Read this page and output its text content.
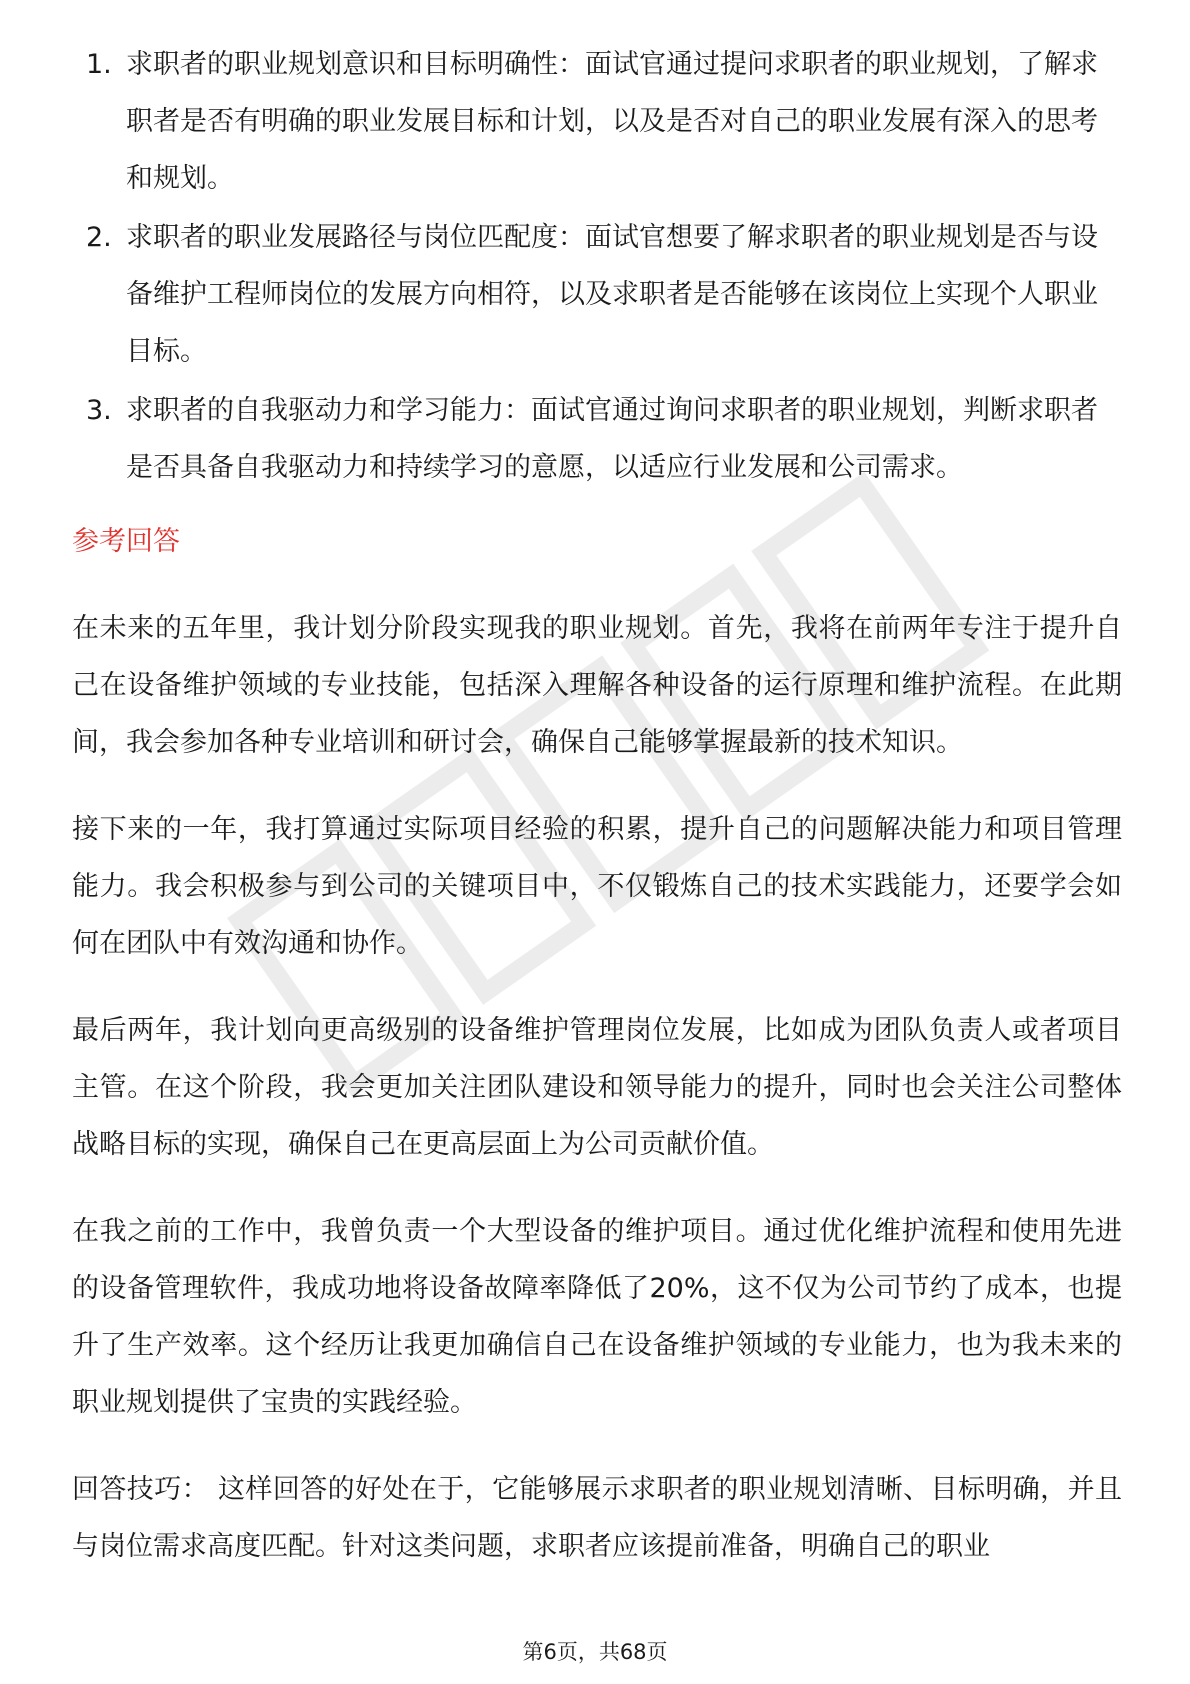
1. 求职者的职业规划意识和目标明确性：面试官通过提问求职者的职业规划，了解求职者是否有明确的职业发展目标和计划，以及是否对自己的职业发展有深入的思考和规划。
2. 求职者的职业发展路径与岗位匹配度：面试官想要了解求职者的职业规划是否与设备维护工程师岗位的发展方向相符，以及求职者是否能够在该岗位上实现个人职业目标。
3. 求职者的自我驱动力和学习能力：面试官通过询问求职者的职业规划，判断求职者是否具备自我驱动力和持续学习的意愿，以适应行业发展和公司需求。
参考回答

在未来的五年里，我计划分阶段实现我的职业规划。首先，我将在前两年专注于提升自己在设备维护领域的专业技能，包括深入理解各种设备的运行原理和维护流程。在此期间，我会参加各种专业培训和研讨会，确保自己能够掌握最新的技术知识。

接下来的一年，我打算通过实际项目经验的积累，提升自己的问题解决能力和项目管理能力。我会积极参与到公司的关键项目中，不仅锻炼自己的技术实践能力，还要学会如何在团队中有效沟通和协作。

最后两年，我计划向更高级别的设备维护管理岗位发展，比如成为团队负责人或者项目主管。在这个阶段，我会更加关注团队建设和领导能力的提升，同时也会关注公司整体战略目标的实现，确保自己在更高层面上为公司贡献价值。

在我之前的工作中，我曾负责一个大型设备的维护项目。通过优化维护流程和使用先进的设备管理软件，我成功地将设备故障率降低了20%，这不仅为公司节约了成本，也提升了生产效率。这个经历让我更加确信自己在设备维护领域的专业能力，也为我未来的职业规划提供了宝贵的实践经验。

回答技巧： 这样回答的好处在于，它能够展示求职者的职业规划清晰、目标明确，并且与岗位需求高度匹配。针对这类问题，求职者应该提前准备，明确自己的职业

第6页，共68页
